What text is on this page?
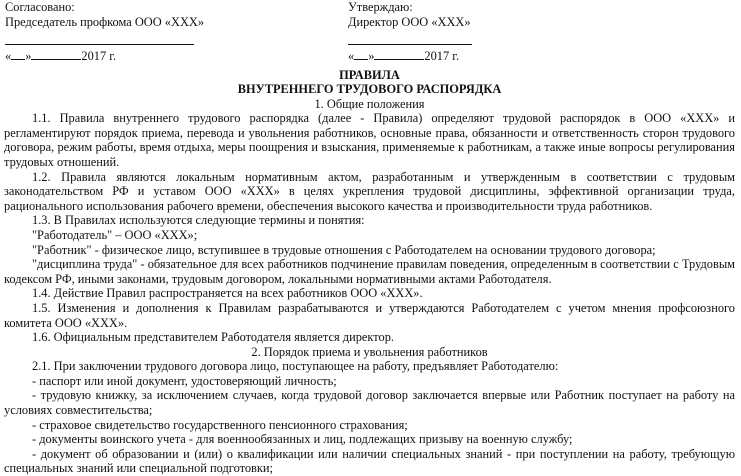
Согласовано:
Председатель профкома ООО «ХХХ»
« »	2017 г.
Утверждаю:
Директор ООО «ХХХ»
« »	2017 г.
ПРАВИЛА
ВНУТРЕННЕГО ТРУДОВОГО РАСПОРЯДКА
1. Общие положения

1.1. Правила внутреннего трудового распорядка (далее - Правила) определяют трудовой распорядок в ООО «ХХХ» и регламентируют порядок приема, перевода и увольнения работников, основные права, обязанности и ответственность сторон трудового договора, режим работы, время отдыха, меры поощрения и взыскания, применяемые к работникам, а также иные вопросы регулирования трудовых отношений.

1.2. Правила являются локальным нормативным актом, разработанным и утвержденным в соответствии с трудовым законодательством РФ и уставом ООО «ХХХ» в целях укрепления трудовой дисциплины, эффективной организации труда, рационального использования рабочего времени, обеспечения высокого качества и производительности труда работников.

1.3. В Правилах используются следующие термины и понятия:

"Работодатель" – ООО «ХХХ»;

"Работник" - физическое лицо, вступившее в трудовые отношения с Работодателем на основании трудового договора;

"дисциплина труда" - обязательное для всех работников подчинение правилам поведения, определенным в соответствии с Трудовым кодексом РФ, иными законами, трудовым договором, локальными нормативными актами Работодателя.

1.4. Действие Правил распространяется на всех работников ООО «ХХХ».

1.5. Изменения и дополнения к Правилам разрабатываются и утверждаются Работодателем с учетом мнения профсоюзного комитета ООО «ХХХ».

1.6. Официальным представителем Работодателя является директор.

2. Порядок приема и увольнения работников

2.1. При заключении трудового договора лицо, поступающее на работу, предъявляет Работодателю:

- паспорт или иной документ, удостоверяющий личность;

- трудовую книжку, за исключением случаев, когда трудовой договор заключается впервые или Работник поступает на работу на условиях совместительства;

- страховое свидетельство государственного пенсионного страхования;

- документы воинского учета - для военнообязанных и лиц, подлежащих призыву на военную службу;

- документ об образовании и (или) о квалификации или наличии специальных знаний - при поступлении на работу, требующую специальных знаний или специальной подготовки;
